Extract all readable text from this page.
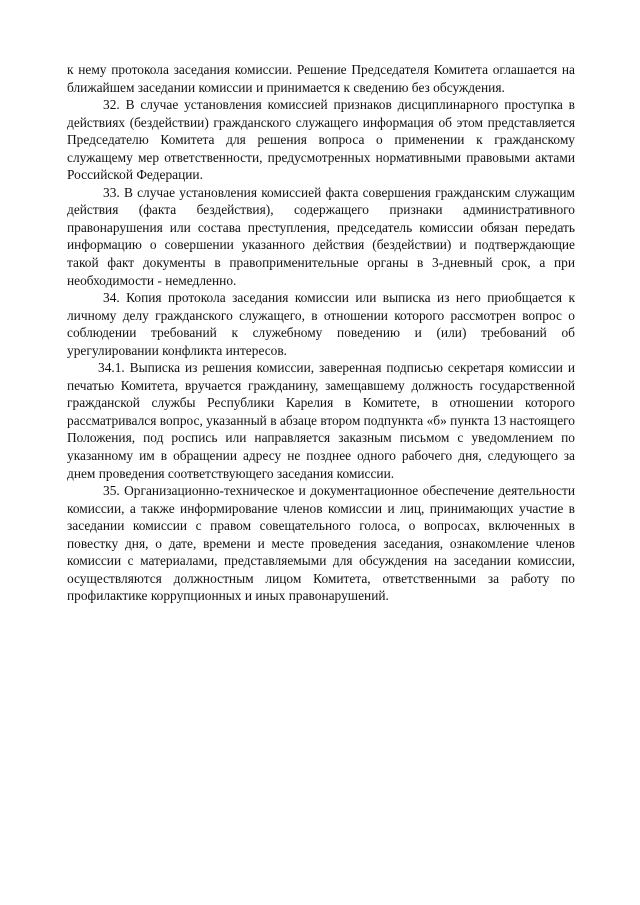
к нему протокола заседания комиссии. Решение Председателя Комитета оглашается на ближайшем заседании комиссии и принимается к сведению без обсуждения.

32. В случае установления комиссией признаков дисциплинарного проступка в действиях (бездействии) гражданского служащего информация об этом представляется Председателю Комитета для решения вопроса о применении к гражданскому служащему мер ответственности, предусмотренных нормативными правовыми актами Российской Федерации.

33. В случае установления комиссией факта совершения гражданским служащим действия (факта бездействия), содержащего признаки административного правонарушения или состава преступления, председатель комиссии обязан передать информацию о совершении указанного действия (бездействии) и подтверждающие такой факт документы в правоприменительные органы в 3-дневный срок, а при необходимости - немедленно.

34. Копия протокола заседания комиссии или выписка из него приобщается к личному делу гражданского служащего, в отношении которого рассмотрен вопрос о соблюдении требований к служебному поведению и (или) требований об урегулировании конфликта интересов.

34.1. Выписка из решения комиссии, заверенная подписью секретаря комиссии и печатью Комитета, вручается гражданину, замещавшему должность государственной гражданской службы Республики Карелия в Комитете, в отношении которого рассматривался вопрос, указанный в абзаце втором подпункта «б» пункта 13 настоящего Положения, под роспись или направляется заказным письмом с уведомлением по указанному им в обращении адресу не позднее одного рабочего дня, следующего за днем проведения соответствующего заседания комиссии.

35. Организационно-техническое и документационное обеспечение деятельности комиссии, а также информирование членов комиссии и лиц, принимающих участие в заседании комиссии с правом совещательного голоса, о вопросах, включенных в повестку дня, о дате, времени и месте проведения заседания, ознакомление членов комиссии с материалами, представляемыми для обсуждения на заседании комиссии, осуществляются должностным лицом Комитета, ответственными за работу по профилактике коррупционных и иных правонарушений.
